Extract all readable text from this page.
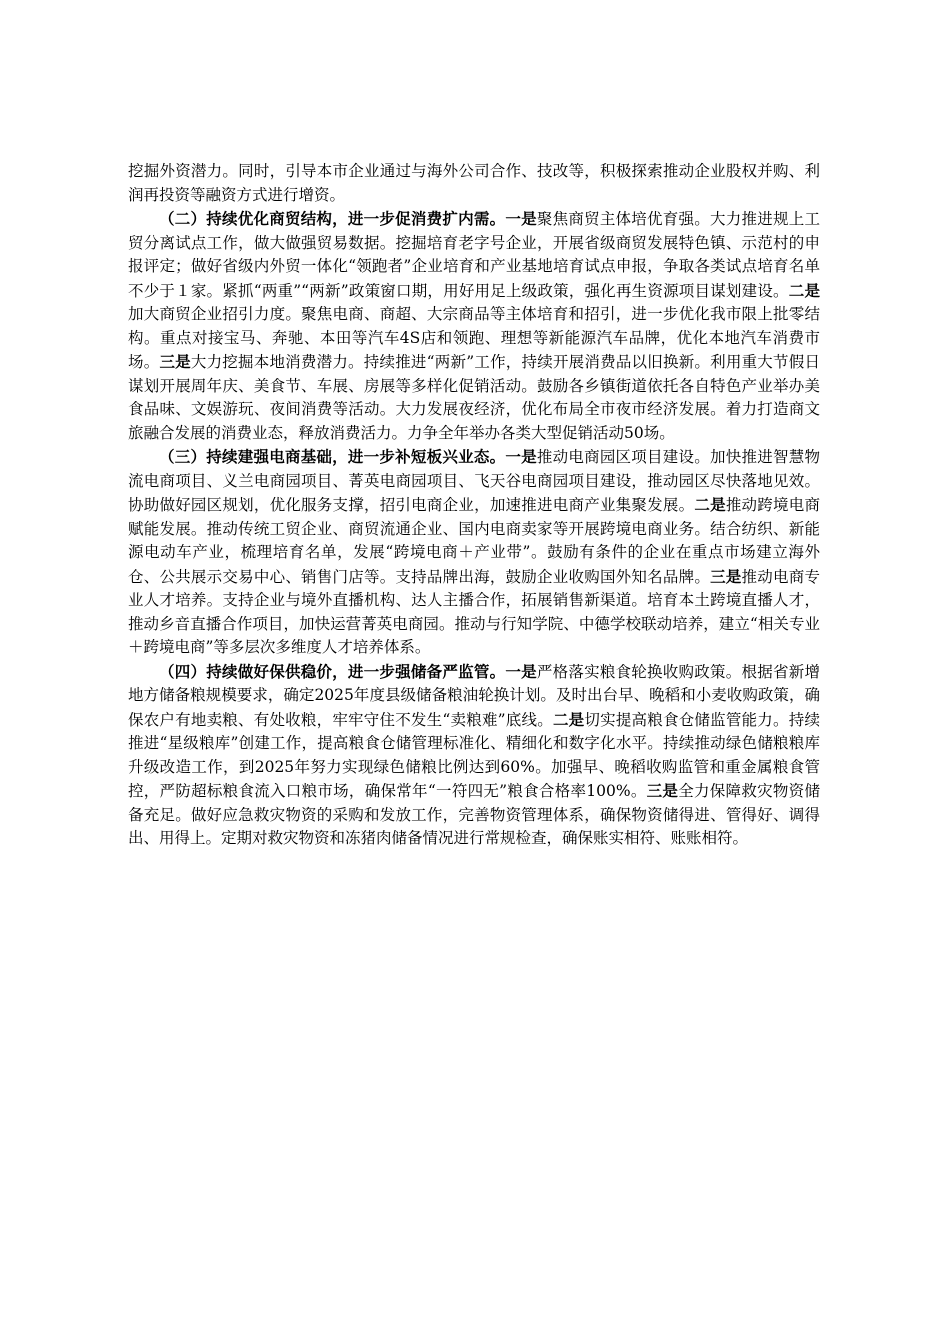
挖掘外资潜力。同时，引导本市企业通过与海外公司合作、技改等，积极探索推动企业股权并购、利润再投资等融资方式进行增资。

（二）持续优化商贸结构，进一步促消费扩内需。一是聚焦商贸主体培优育强。大力推进规上工贸分离试点工作，做大做强贸易数据。挖掘培育老字号企业，开展省级商贸发展特色镇、示范村的申报评定；做好省级内外贸一体化“领跑者”企业培育和产业基地培育试点申报，争取各类试点培育名单不少于１家。紧抓“两重”“两新”政策窗口期，用好用足上级政策，强化再生资源项目谋划建设。二是加大商贸企业招引力度。聚焦电商、商超、大宗商品等主体培育和招引，进一步优化我市限上批零结构。重点对接宝马、奔驰、本田等汽车4S店和领跑、理想等新能源汽车品牌，优化本地汽车消费市场。三是大力挖掘本地消费潜力。持续推进“两新”工作，持续开展消费品以旧换新。利用重大节假日谋划开展周年庆、美食节、车展、房展等多样化促销活动。鼓励各乡镇街道依托各自特色产业举办美食品味、文娱游玩、夜间消费等活动。大力发展夜经济，优化布局全市夜市经济发展。着力打造商文旅融合发展的消费业态，释放消费活力。力争全年举办各类大型促销活动50场。

（三）持续建强电商基础，进一步补短板兴业态。一是推动电商园区项目建设。加快推进智慧物流电商项目、义兰电商园项目、菁英电商园项目、飞天谷电商园项目建设，推动园区尽快落地见效。协助做好园区规划，优化服务支撑，招引电商企业，加速推进电商产业集聚发展。二是推动跨境电商赋能发展。推动传统工贸企业、商贸流通企业、国内电商卖家等开展跨境电商业务。结合纺织、新能源电动车产业，梳理培育名单，发展“跨境电商＋产业带”。鼓励有条件的企业在重点市场建立海外仓、公共展示交易中心、销售门店等。支持品牌出海，鼓励企业收购国外知名品牌。三是推动电商专业人才培养。支持企业与境外直播机构、达人主播合作，拓展销售新渠道。培育本土跨境直播人才，推动乡音直播合作项目，加快运营菁英电商园。推动与行知学院、中德学校联动培养，建立“相关专业＋跨境电商”等多层次多维度人才培养体系。

（四）持续做好保供稳价，进一步强储备严监管。一是严格落实粮食轮换收购政策。根据省新增地方储备粮规模要求，确定2025年度县级储备粮油轮换计划。及时出台早、晚稻和小麦收购政策，确保农户有地卖粮、有处收粮，牢牢守住不发生“卖粮难”底线。二是切实提高粮食仓储监管能力。持续推进“星级粮库”创建工作，提高粮食仓储管理标准化、精细化和数字化水平。持续推动绿色储粮粮库升级改造工作，到2025年努力实现绿色储粮比例达到60%。加强早、晚稻收购监管和重金属粮食管控，严防超标粮食流入口粮市场，确保常年“一符四无”粮食合格率100%。三是全力保障救灾物资储备充足。做好应急救灾物资的采购和发放工作，完善物资管理体系，确保物资储得进、管得好、调得出、用得上。定期对救灾物资和冻猪肉储备情况进行常规检查，确保账实相符、账账相符。
